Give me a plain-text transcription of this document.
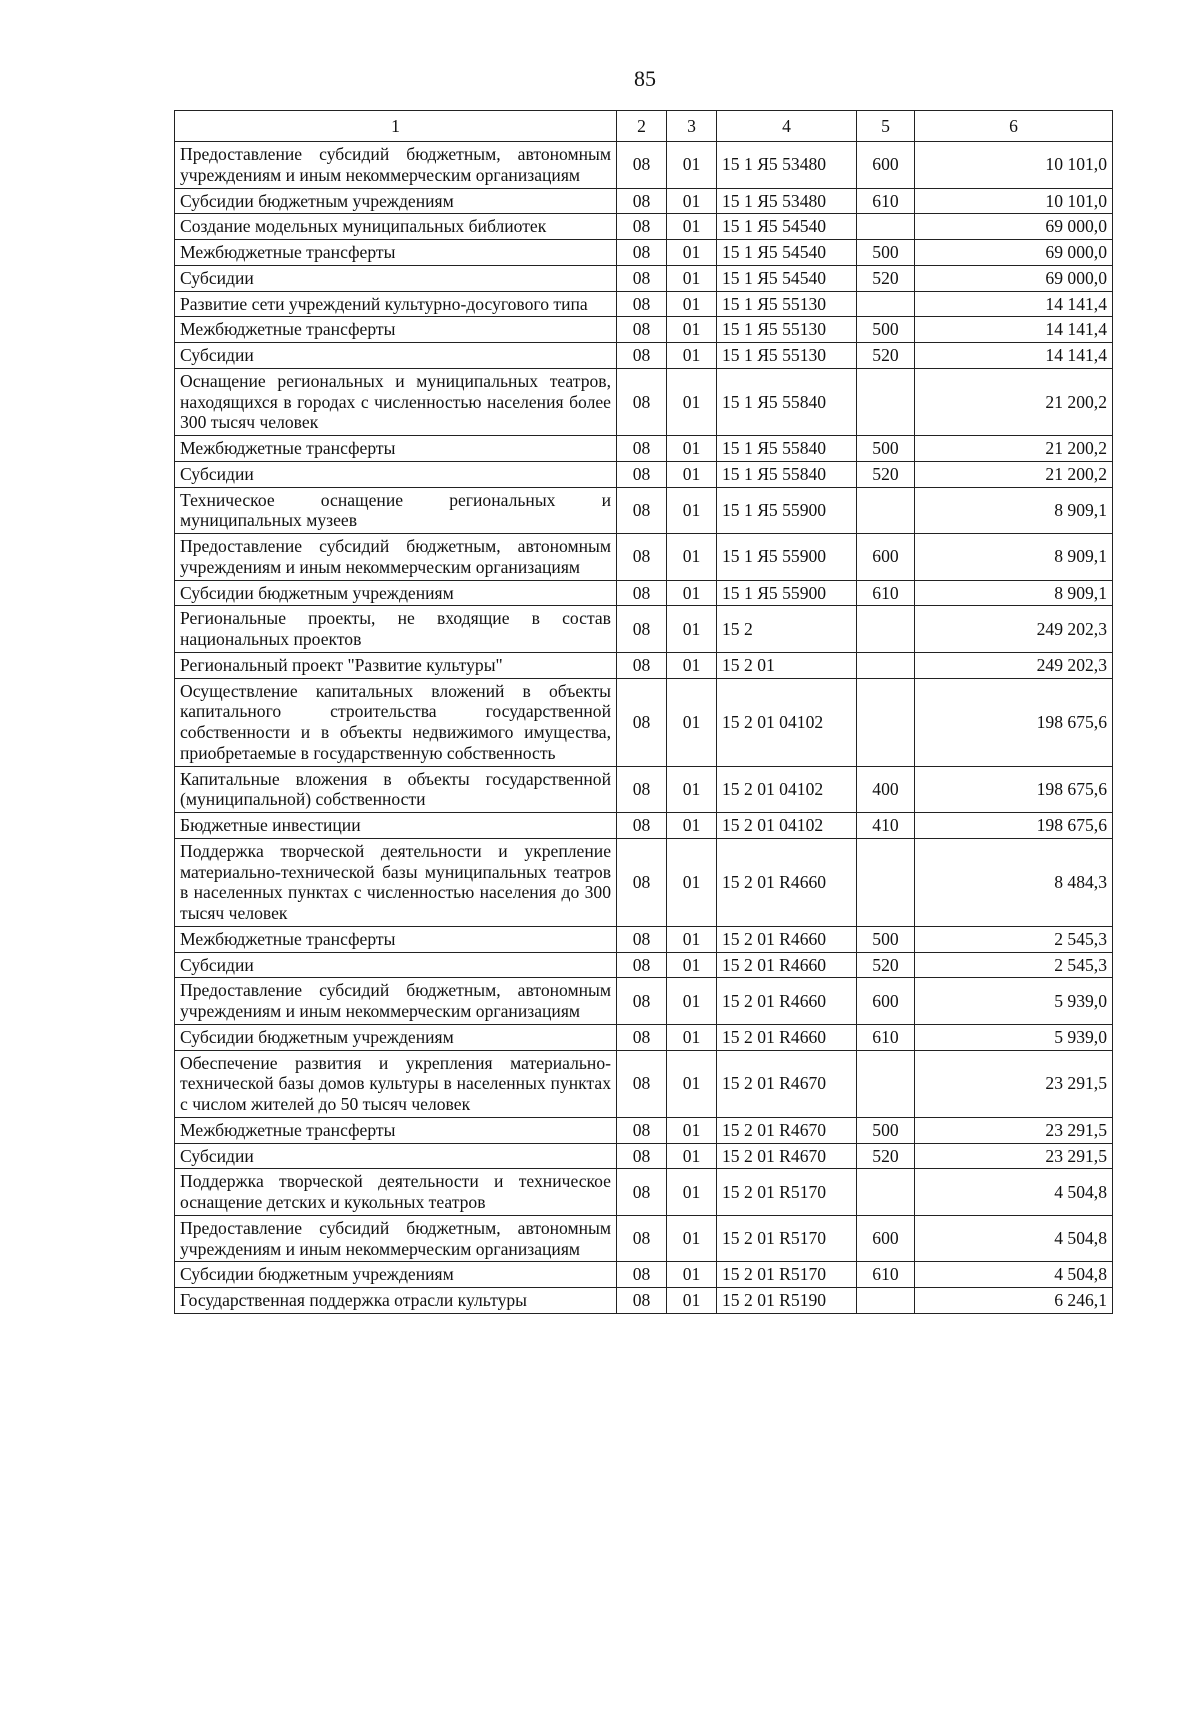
85
1	2	3	4	5	6
Предоставление субсидий бюджетным, автономным учреждениям и иным некоммерческим организациям	08	01	15 1 Я5 53480	600	10 101,0
Субсидии бюджетным учреждениям	08	01	15 1 Я5 53480	610	10 101,0
Создание модельных муниципальных библиотек	08	01	15 1 Я5 54540		69 000,0
Межбюджетные трансферты	08	01	15 1 Я5 54540	500	69 000,0
Субсидии	08	01	15 1 Я5 54540	520	69 000,0
Развитие сети учреждений культурно-досугового типа	08	01	15 1 Я5 55130		14 141,4
Межбюджетные трансферты	08	01	15 1 Я5 55130	500	14 141,4
Субсидии	08	01	15 1 Я5 55130	520	14 141,4
Оснащение региональных и муниципальных театров, находящихся в городах с численностью населения более 300 тысяч человек	08	01	15 1 Я5 55840		21 200,2
Межбюджетные трансферты	08	01	15 1 Я5 55840	500	21 200,2
Субсидии	08	01	15 1 Я5 55840	520	21 200,2
Техническое оснащение региональных и муниципальных музеев	08	01	15 1 Я5 55900		8 909,1
Предоставление субсидий бюджетным, автономным учреждениям и иным некоммерческим организациям	08	01	15 1 Я5 55900	600	8 909,1
Субсидии бюджетным учреждениям	08	01	15 1 Я5 55900	610	8 909,1
Региональные проекты, не входящие в состав национальных проектов	08	01	15 2		249 202,3
Региональный проект "Развитие культуры"	08	01	15 2 01		249 202,3
Осуществление капитальных вложений в объекты капитального строительства государственной собственности и в объекты недвижимого имущества, приобретаемые в государственную собственность	08	01	15 2 01 04102		198 675,6
Капитальные вложения в объекты государственной (муниципальной) собственности	08	01	15 2 01 04102	400	198 675,6
Бюджетные инвестиции	08	01	15 2 01 04102	410	198 675,6
Поддержка творческой деятельности и укрепление материально-технической базы муниципальных театров в населенных пунктах с численностью населения до 300 тысяч человек	08	01	15 2 01 R4660		8 484,3
Межбюджетные трансферты	08	01	15 2 01 R4660	500	2 545,3
Субсидии	08	01	15 2 01 R4660	520	2 545,3
Предоставление субсидий бюджетным, автономным учреждениям и иным некоммерческим организациям	08	01	15 2 01 R4660	600	5 939,0
Субсидии бюджетным учреждениям	08	01	15 2 01 R4660	610	5 939,0
Обеспечение развития и укрепления материально-технической базы домов культуры в населенных пунктах с числом жителей до 50 тысяч человек	08	01	15 2 01 R4670		23 291,5
Межбюджетные трансферты	08	01	15 2 01 R4670	500	23 291,5
Субсидии	08	01	15 2 01 R4670	520	23 291,5
Поддержка творческой деятельности и техническое оснащение детских и кукольных театров	08	01	15 2 01 R5170		4 504,8
Предоставление субсидий бюджетным, автономным учреждениям и иным некоммерческим организациям	08	01	15 2 01 R5170	600	4 504,8
Субсидии бюджетным учреждениям	08	01	15 2 01 R5170	610	4 504,8
Государственная поддержка отрасли культуры	08	01	15 2 01 R5190		6 246,1
